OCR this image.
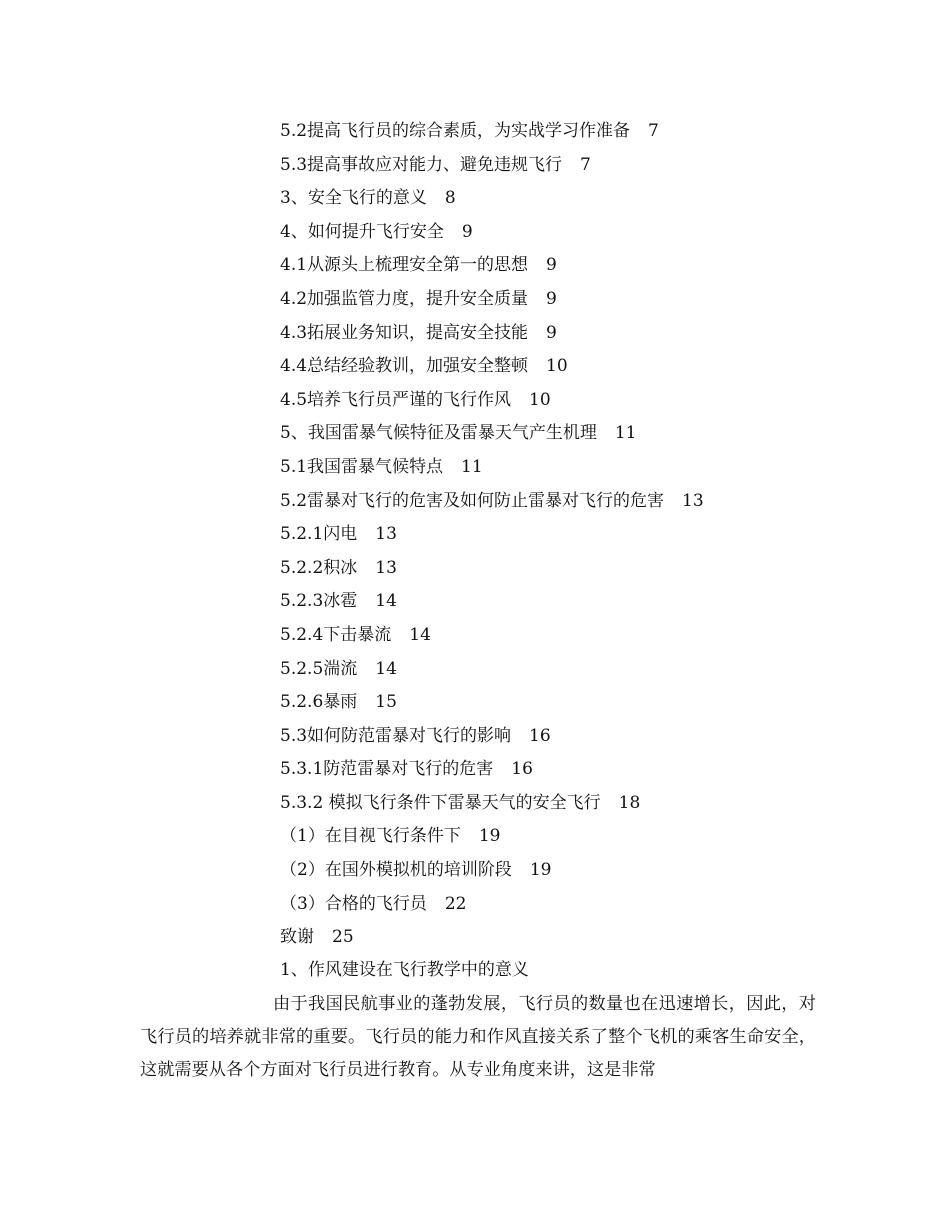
5.2提高飞行员的综合素质，为实战学习作准备 7
5.3提高事故应对能力、避免违规飞行 7
3、安全飞行的意义 8
4、如何提升飞行安全 9
4.1从源头上梳理安全第一的思想 9
4.2加强监管力度，提升安全质量 9
4.3拓展业务知识，提高安全技能 9
4.4总结经验教训，加强安全整顿 10
4.5培养飞行员严谨的飞行作风 10
5、我国雷暴气候特征及雷暴天气产生机理 11
5.1我国雷暴气候特点 11
5.2雷暴对飞行的危害及如何防止雷暴对飞行的危害 13
5.2.1闪电 13
5.2.2积冰 13
5.2.3冰雹 14
5.2.4下击暴流 14
5.2.5湍流 14
5.2.6暴雨 15
5.3如何防范雷暴对飞行的影响 16
5.3.1防范雷暴对飞行的危害 16
5.3.2 模拟飞行条件下雷暴天气的安全飞行 18
（1）在目视飞行条件下 19
（2）在国外模拟机的培训阶段 19
（3）合格的飞行员 22
致谢 25
1、作风建设在飞行教学中的意义

由于我国民航事业的蓬勃发展，飞行员的数量也在迅速增长，因此，对飞行员的培养就非常的重要。飞行员的能力和作风直接关系了整个飞机的乘客生命安全，这就需要从各个方面对飞行员进行教育。从专业角度来讲，这是非常
